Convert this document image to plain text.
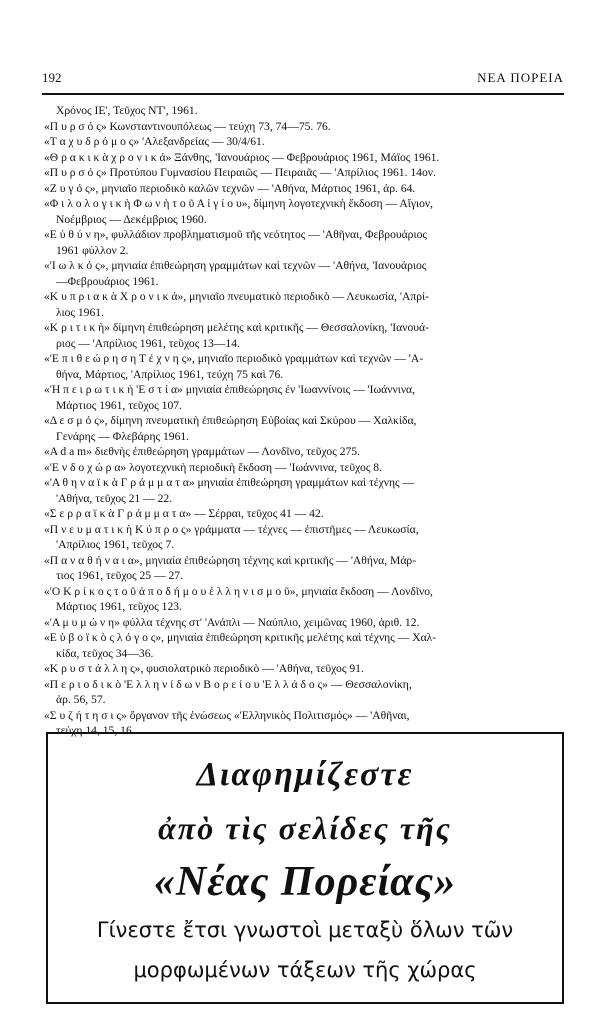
192	ΝΕΑ ΠΟΡΕΙΑ
Χρόνος ΙΕ', Τεῦχος ΝΤ', 1961.
«Π υ ρ σ ό ς» Κωνσταντινουπόλεως — τεύχη 73, 74—75. 76.
«Τ α χ υ δ ρ ό μ ο ς» 'Αλεξανδρείας — 30/4/61.
«Θ ρ α κ ι κ ὰ χ ρ ο ν ι κ ά» Ξάνθης, 'Ιανουάριος — Φεβρουάριος 1961, Μάϊος 1961.
«Π υ ρ σ ό ς» Προτύπου Γυμνασίου Πειραιῶς — Πειραιᾶς — 'Απρίλιος 1961. 14ον.
«Ζ υ γ ό ς», μηνιαῖο περιοδικὸ καλῶν τεχνῶν — 'Αθήνα, Μάρτιος 1961, ἀρ. 64.
«Φ ι λ ο λ ο γ ι κ ὴ Φ ω ν ὴ τ ο ῦ Α ἰ γ ί ο υ», δίμηνη λογοτεχνικὴ ἔκδοση — Αἴγιον,
Νοέμβριος — Δεκέμβριος 1960.
«Ε ὐ θ ύ ν η», φυλλάδιον προβληματισμοῦ τῆς νεότητος — 'Αθῆναι, Φεβρουάριος
1961 φύλλον 2.
«'Ι ω λ κ ό ς», μηνιαία ἐπιθεώρηση γραμμάτων καὶ τεχνῶν — 'Αθήνα, 'Ιανουάριος
—Φεβρουάριος 1961.
«Κ υ π ρ ι α κ ὰ Χ ρ ο ν ι κ ά», μηνιαῖο πνευματικὸ περιοδικὸ — Λευκωσία, 'Απρί-
λιος 1961.
«Κ ρ ι τ ι κ ὴ» δίμηνη ἐπιθεώρηση μελέτης καὶ κριτικῆς — Θεσσαλονίκη, 'Ιανουά-
ριος — 'Απρίλιος 1961, τεῦχος 13—14.
«'Ε π ι θ ε ώ ρ η σ η Τ έ χ ν η ς», μηνιαῖο περιοδικὸ γραμμάτων καὶ τεχνῶν — 'Α-
θήνα, Μάρτιος, 'Απρίλιος 1961, τεύχη 75 καὶ 76.
«'Η π ε ι ρ ω τ ι κ ὴ 'Ε σ τ ί α» μηνιαία ἐπιθεώρησις ἐν 'Ιωαννίνοις — 'Ιωάννινα,
Μάρτιος 1961, τεῦχος 107.
«Δ ε σ μ ό ς», δίμηνη πνευματικὴ ἐπιθεώρηση Εὐβοίας καὶ Σκύρου — Χαλκίδα,
Γενάρης — Φλεβάρης 1961.
«A d a m» διεθνὴς ἐπιθεώρηση γραμμάτων — Λονδῖνο, τεῦχος 275.
«'Ε ν δ ο χ ώ ρ α» λογοτεχνικὴ περιοδικὴ ἔκδοση — 'Ιωάννινα, τεῦχος 8.
«'Α θ η ν α ϊ κ ὰ Γ ρ ά μ μ α τ α» μηνιαία ἐπιθεώρηση γραμμάτων καὶ τέχνης —
'Αθήνα, τεῦχος 21 — 22.
«Σ ε ρ ρ α ϊ κ ὰ Γ ρ ά μ μ α τ α» — Σέρραι, τεῦχος 41 — 42.
«Π ν ε υ μ α τ ι κ ὴ Κ ύ π ρ ο ς» γράμματα — τέχνες — ἐπιστῆμες — Λευκωσία,
'Απρίλιος 1961, τεῦχος 7.
«Π α ν α θ ή ν α ι α», μηνιαία ἐπιθεώρηση τέχνης καὶ κριτικῆς — 'Αθήνα, Μάρ-
τιος 1961, τεῦχος 25 — 27.
«'Ο Κ ρ ί κ ο ς τ ο ῦ ἀ π ο δ ή μ ο υ ἑ λ λ η ν ι σ μ ο ῦ», μηνιαία ἔκδοση — Λονδῖνο,
Μάρτιος 1961, τεῦχος 123.
«'Α μ υ μ ώ ν η» φύλλα τέχνης στ' 'Ανάπλι — Ναύπλιο, χειμῶνας 1960, ἀριθ. 12.
«Ε ὐ β ο ϊ κ ὸ ς λ ό γ ο ς», μηνιαία ἐπιθεώρηση κριτικῆς μελέτης καὶ τέχνης — Χαλ-
κίδα, τεῦχος 34—36.
«Κ ρ υ σ τ ά λ λ η ς», φυσιολατρικὸ περιοδικὸ — 'Αθήνα, τεῦχος 91.
«Π ε ρ ι ο δ ι κ ὸ 'Ε λ λ η ν ί δ ω ν Β ο ρ ε ί ο υ 'Ε λ λ ά δ ο ς» — Θεσσαλονίκη,
ἀρ. 56, 57.
«Σ υ ζ ή τ η σ ι ς» ὄργανον τῆς ἑνώσεως «'Ελληνικὸς Πολιτισμός» — 'Αθῆναι,
τεύχη 14, 15, 16.
Διαφημίζεστε
ἀπὸ τὶς σελίδες τῆς
«Νέας Πορείας»
Γίνεστε ἔτσι γνωστοὶ μεταξὺ ὅλων τῶν
μορφωμένων τάξεων τῆς χώρας
